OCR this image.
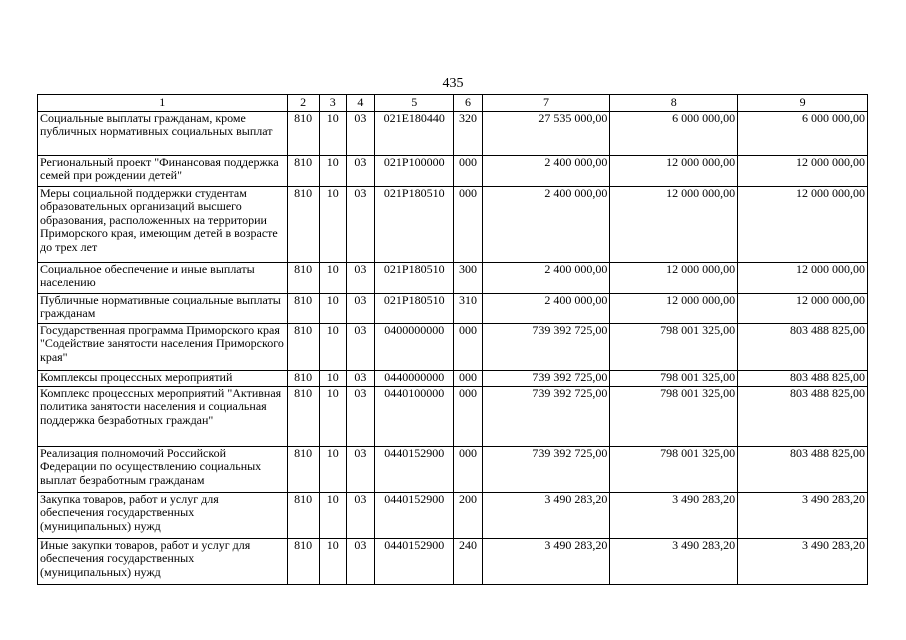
435
1	2	3	4	5	6	7	8	9
Социальные выплаты гражданам, кроме публичных нормативных социальных выплат	810	10	03	021E180440	320	27 535 000,00	6 000 000,00	6 000 000,00
Региональный проект "Финансовая поддержка семей при рождении детей"	810	10	03	021P100000	000	2 400 000,00	12 000 000,00	12 000 000,00
Меры социальной поддержки студентам образовательных организаций высшего образования, расположенных на территории Приморского края, имеющим детей в возрасте до трех лет	810	10	03	021P180510	000	2 400 000,00	12 000 000,00	12 000 000,00
Социальное обеспечение и иные выплаты населению	810	10	03	021P180510	300	2 400 000,00	12 000 000,00	12 000 000,00
Публичные нормативные социальные выплаты гражданам	810	10	03	021P180510	310	2 400 000,00	12 000 000,00	12 000 000,00
Государственная программа Приморского края "Содействие занятости населения Приморского края"	810	10	03	0400000000	000	739 392 725,00	798 001 325,00	803 488 825,00
Комплексы процессных мероприятий	810	10	03	0440000000	000	739 392 725,00	798 001 325,00	803 488 825,00
Комплекс процессных мероприятий "Активная политика занятости населения и социальная поддержка безработных граждан"	810	10	03	0440100000	000	739 392 725,00	798 001 325,00	803 488 825,00
Реализация полномочий Российской Федерации по осуществлению социальных выплат безработным гражданам	810	10	03	0440152900	000	739 392 725,00	798 001 325,00	803 488 825,00
Закупка товаров, работ и услуг для обеспечения государственных (муниципальных) нужд	810	10	03	0440152900	200	3 490 283,20	3 490 283,20	3 490 283,20
Иные закупки товаров, работ и услуг для обеспечения государственных (муниципальных) нужд	810	10	03	0440152900	240	3 490 283,20	3 490 283,20	3 490 283,20
